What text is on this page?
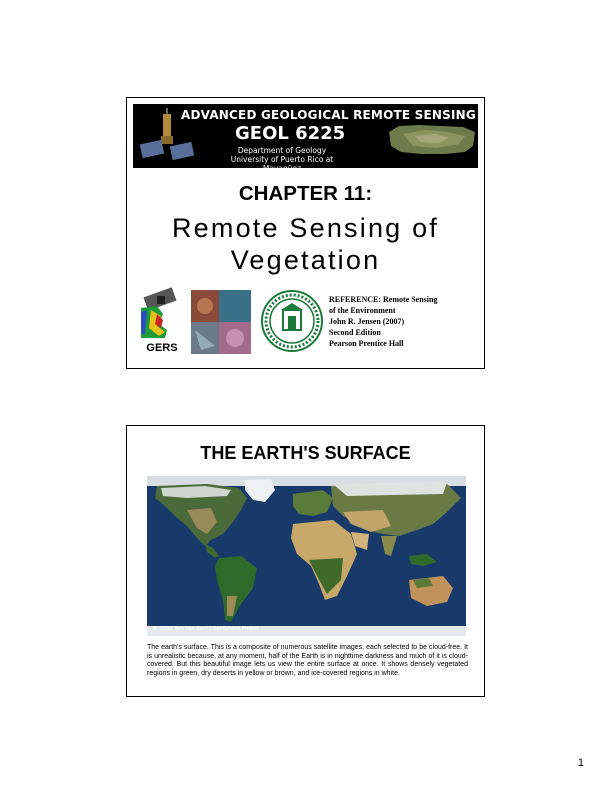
ADVANCED GEOLOGICAL REMOTE SENSING
GEOL 6225
Department of Geology
University of Puerto Rico at Mayagüez
CHAPTER 11:
Remote Sensing of
Vegetation
GERS
REFERENCE: Remote Sensing
of the Environment
John R. Jensen (2007)
Second Edition
Pearson Prentice Hall
THE EARTH'S SURFACE
© 2002 Tom Van Sant / GeoSphere Project
The earth's surface. This is a composite of numerous satellite images, each selected to be cloud-free. It is unrealistic because, at any moment, half of the Earth is in nighttime darkness and much of it is cloud-covered. But this beautiful image lets us view the entire surface at once. It shows densely vegetated regions in green, dry deserts in yellow or brown, and ice-covered regions in white.
1
